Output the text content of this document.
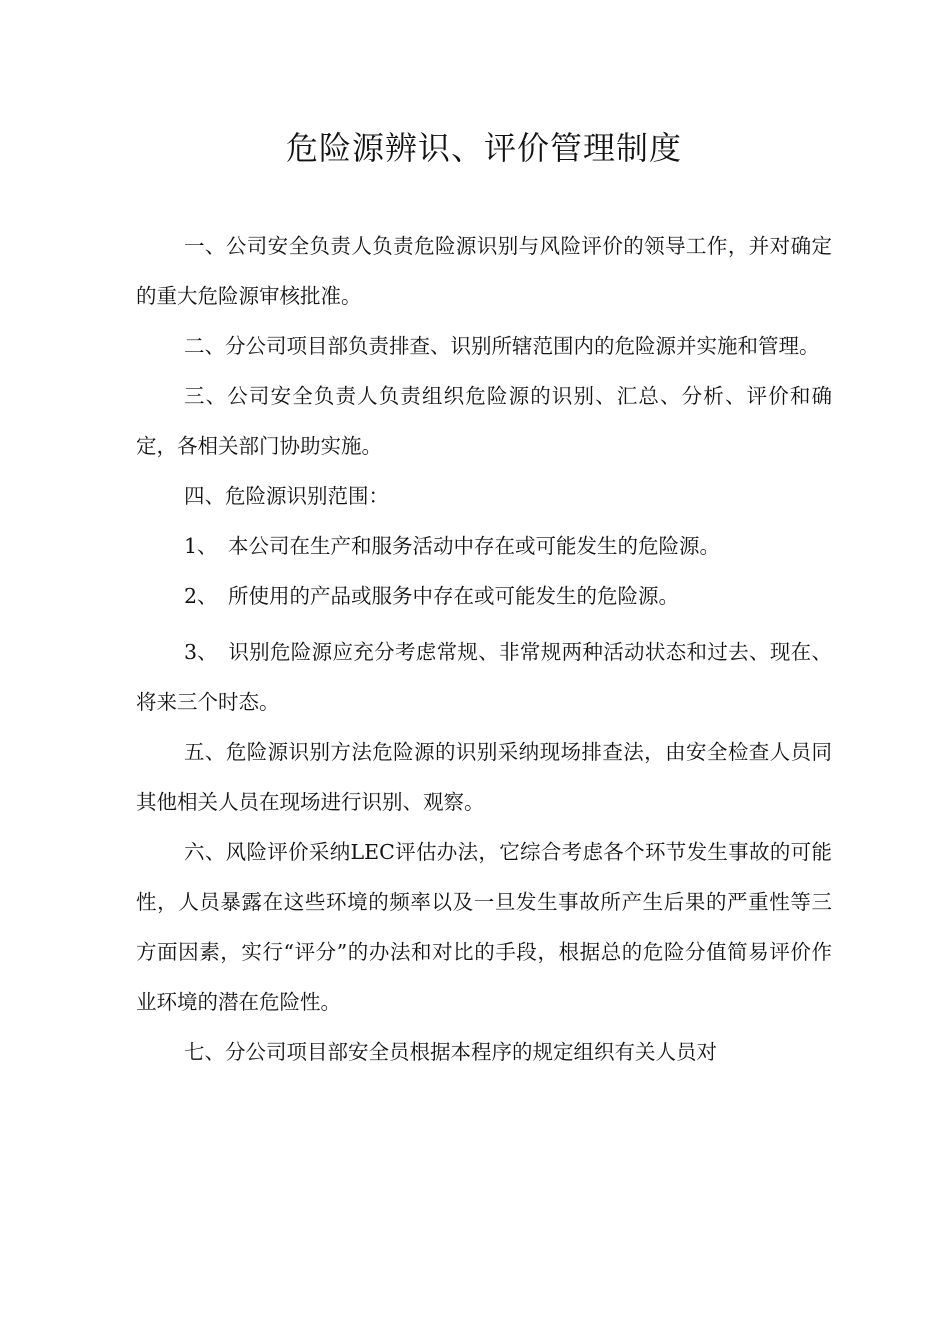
危险源辨识、评价管理制度

一、公司安全负责人负责危险源识别与风险评价的领导工作，并对确定的重大危险源审核批准。

二、分公司项目部负责排查、识别所辖范围内的危险源并实施和管理。

三、公司安全负责人负责组织危险源的识别、汇总、分析、评价和确定，各相关部门协助实施。

四、危险源识别范围：

1、 本公司在生产和服务活动中存在或可能发生的危险源。

2、 所使用的产品或服务中存在或可能发生的危险源。

3、 识别危险源应充分考虑常规、非常规两种活动状态和过去、现在、将来三个时态。

五、危险源识别方法危险源的识别采纳现场排查法，由安全检查人员同其他相关人员在现场进行识别、观察。

六、风险评价采纳LEC评估办法，它综合考虑各个环节发生事故的可能性，人员暴露在这些环境的频率以及一旦发生事故所产生后果的严重性等三方面因素，实行“评分”的办法和对比的手段，根据总的危险分值简易评价作业环境的潜在危险性。

七、分公司项目部安全员根据本程序的规定组织有关人员对
